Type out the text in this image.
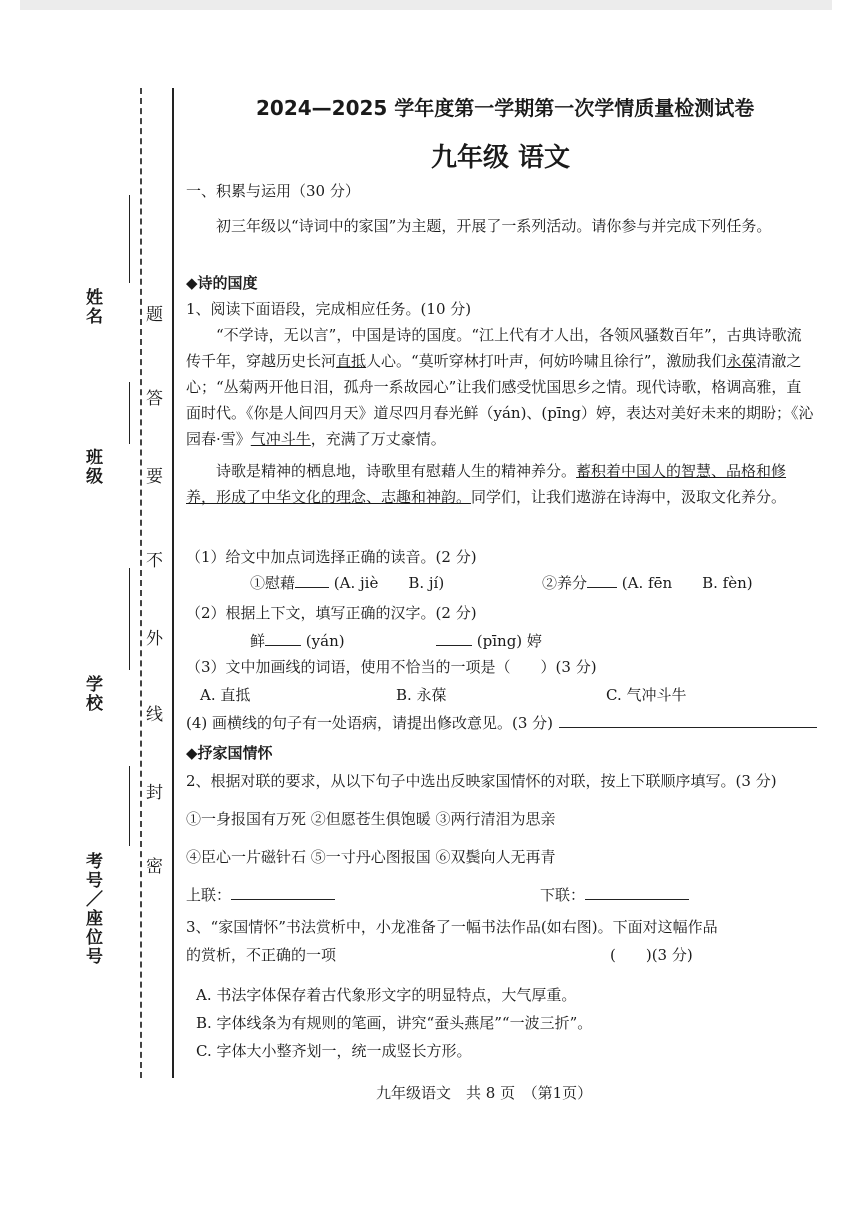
姓名
班级
学校
考号／座位号
题
答
要
不
外
线
封
密
2024—2025 学年度第一学期第一次学情质量检测试卷
九年级 语文
一、积累与运用（30 分）
初三年级以“诗词中的家国”为主题，开展了一系列活动。请你参与并完成下列任务。
◆诗的国度
1、阅读下面语段，完成相应任务。(10 分)
“不学诗，无以言”，中国是诗的国度。“江上代有才人出，各领风骚数百年”，古典诗歌流传千年，穿越历史长河直抵人心。“莫听穿林打叶声，何妨吟啸且徐行”，激励我们永葆清澈之心；“丛菊两开他日泪，孤舟一系故园心”让我们感受忧国思乡之情。现代诗歌，格调高雅，直面时代。《你是人间四月天》道尽四月春光鲜（yán)、(pīng）婷，表达对美好未来的期盼；《沁园春·雪》气冲斗牛，充满了万丈豪情。
诗歌是精神的栖息地，诗歌里有慰藉人生的精神养分。蓄积着中国人的智慧、品格和修养，形成了中华文化的理念、志趣和神韵。同学们，让我们遨游在诗海中，汲取文化养分。
（1）给文中加点词选择正确的读音。(2 分)
①慰藉	(A. jiè　　B. jí)	②养分 (A. fēn　　B. fèn)
（2）根据上下文，填写正确的汉字。(2 分)
鲜	(yán)	(pīng) 婷
（3）文中加画线的词语，使用不恰当的一项是（　　）(3 分)
A. 直抵	B. 永葆	C. 气冲斗牛
(4) 画横线的句子有一处语病，请提出修改意见。(3 分)
◆抒家国情怀
2、根据对联的要求，从以下句子中选出反映家国情怀的对联，按上下联顺序填写。(3 分)
①一身报国有万死 ②但愿苍生俱饱暖 ③两行清泪为思亲
④臣心一片磁针石 ⑤一寸丹心图报国 ⑥双鬓向人无再青
上联：	下联：
3、“家国情怀”书法赏析中，小龙准备了一幅书法作品(如右图)。下面对这幅作品
的赏析，不正确的一项	(　　)(3 分)
A. 书法字体保存着古代象形文字的明显特点，大气厚重。
B. 字体线条为有规则的笔画，讲究“蚕头燕尾”“一波三折”。
C. 字体大小整齐划一，统一成竖长方形。
九年级语文　共 8 页　（第1页）
